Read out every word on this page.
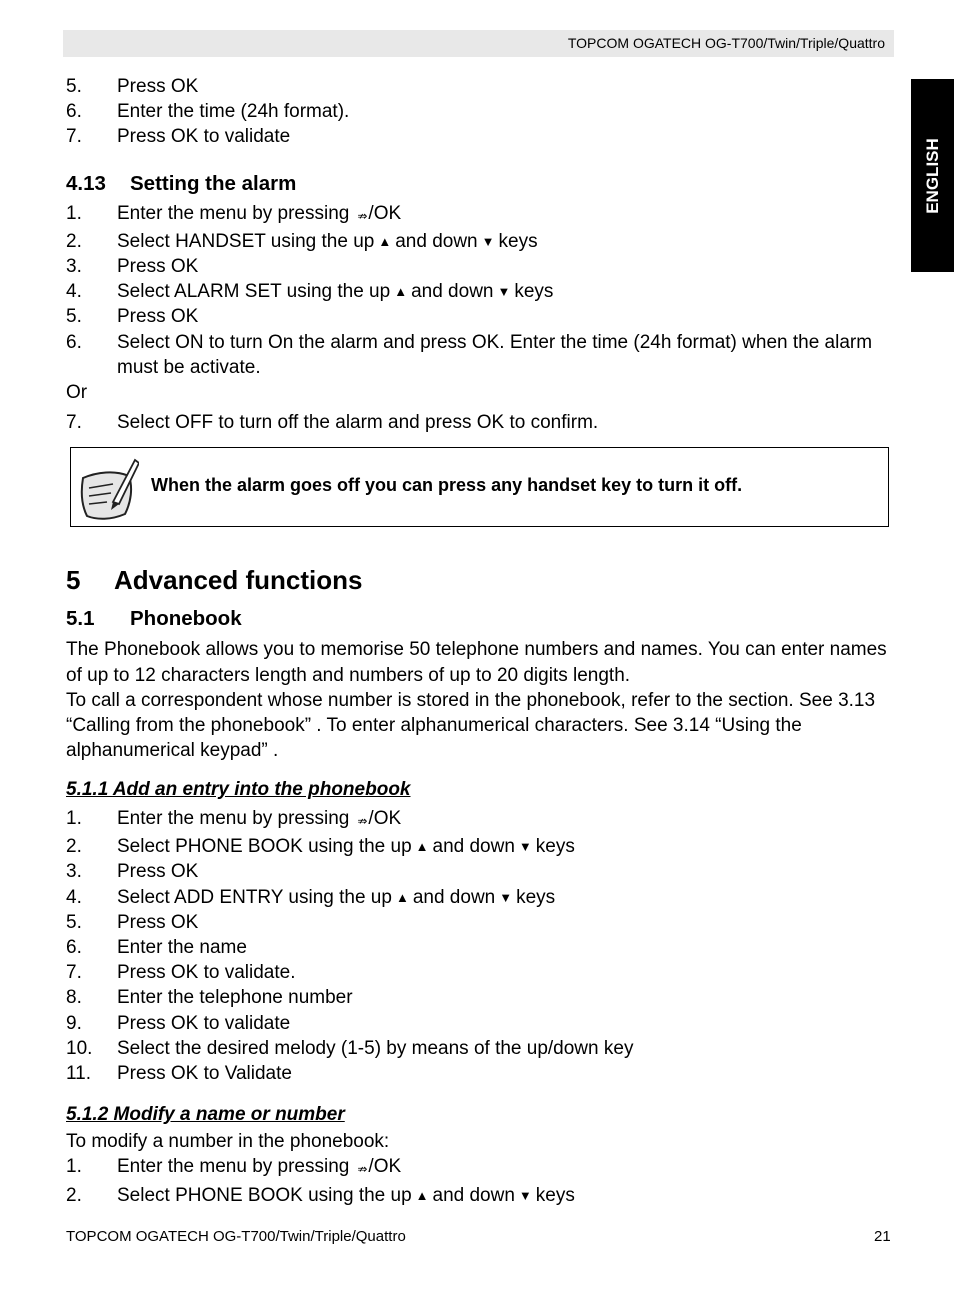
TOPCOM OGATECH OG-T700/Twin/Triple/Quattro
ENGLISH
5.	Press OK
6.	Enter the time (24h format).
7.	Press OK to validate
4.13	Setting the alarm
1.	Enter the menu by pressing ⇏/OK
2.	Select HANDSET using the up ▲ and down ▼ keys
3.	Press OK
4.	Select ALARM SET using the up ▲ and down ▼ keys
5.	Press OK
6.	Select ON to turn On the alarm and press OK. Enter the time (24h format) when the alarm must be activate.
Or
7.	Select OFF to turn off the alarm and press OK to confirm.
5	Advanced functions
5.1	Phonebook
The Phonebook allows you to memorise 50 telephone numbers and names. You can enter names of up to 12 characters length and numbers of up to 20 digits length.
To call a correspondent whose number is stored in the phonebook, refer to the section. See 3.13 “Calling from the phonebook” . To enter alphanumerical characters. See 3.14 “Using the alphanumerical keypad” .
5.1.1 Add an entry into the phonebook
1.	Enter the menu by pressing ⇏/OK
2.	Select PHONE BOOK using the up ▲ and down ▼ keys
3.	Press OK
4.	Select ADD ENTRY using the up ▲ and down ▼ keys
5.	Press OK
6.	Enter the name
7.	Press OK to validate.
8.	Enter the telephone number
9.	Press OK to validate
10.	Select the desired melody (1-5) by means of the up/down key
11.	Press OK to Validate
5.1.2 Modify a name or number
To modify a number in the phonebook:
1.	Enter the menu by pressing ⇏/OK
2.	Select PHONE BOOK using the up ▲ and down ▼ keys
When the alarm goes off you can press any handset key to turn it off.
TOPCOM OGATECH OG-T700/Twin/Triple/Quattro	21
